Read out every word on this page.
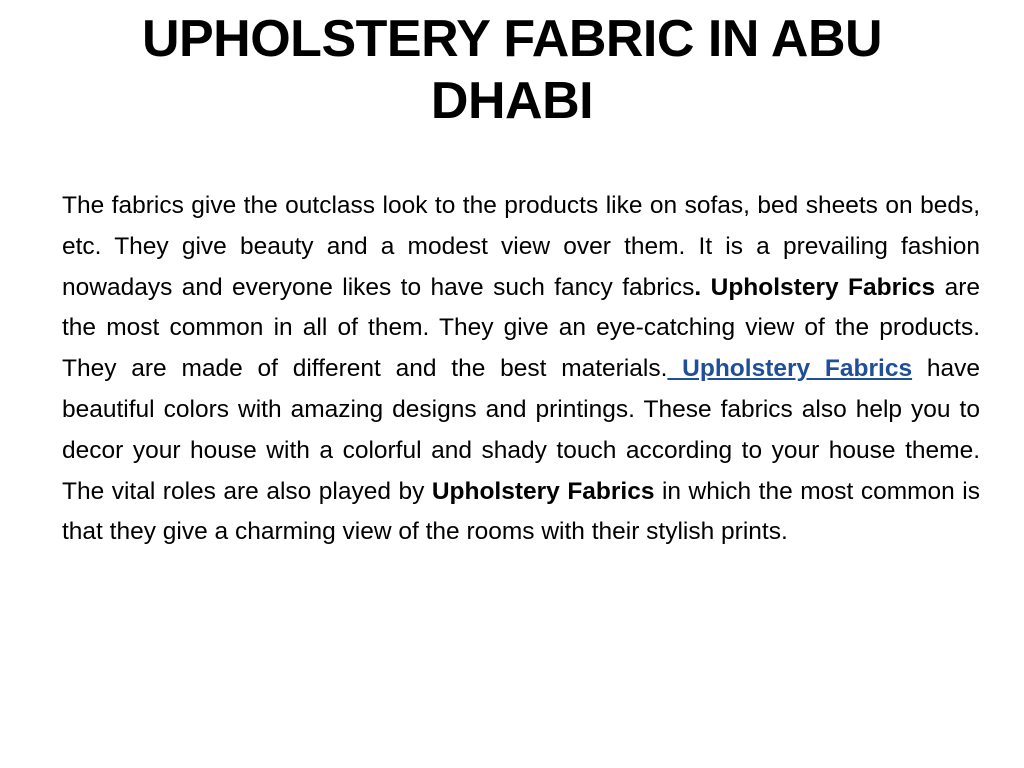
UPHOLSTERY FABRIC IN ABU DHABI

The fabrics give the outclass look to the products like on sofas, bed sheets on beds, etc. They give beauty and a modest view over them. It is a prevailing fashion nowadays and everyone likes to have such fancy fabrics. Upholstery Fabrics are the most common in all of them. They give an eye-catching view of the products. They are made of different and the best materials. Upholstery Fabrics have beautiful colors with amazing designs and printings. These fabrics also help you to decor your house with a colorful and shady touch according to your house theme. The vital roles are also played by Upholstery Fabrics in which the most common is that they give a charming view of the rooms with their stylish prints.
